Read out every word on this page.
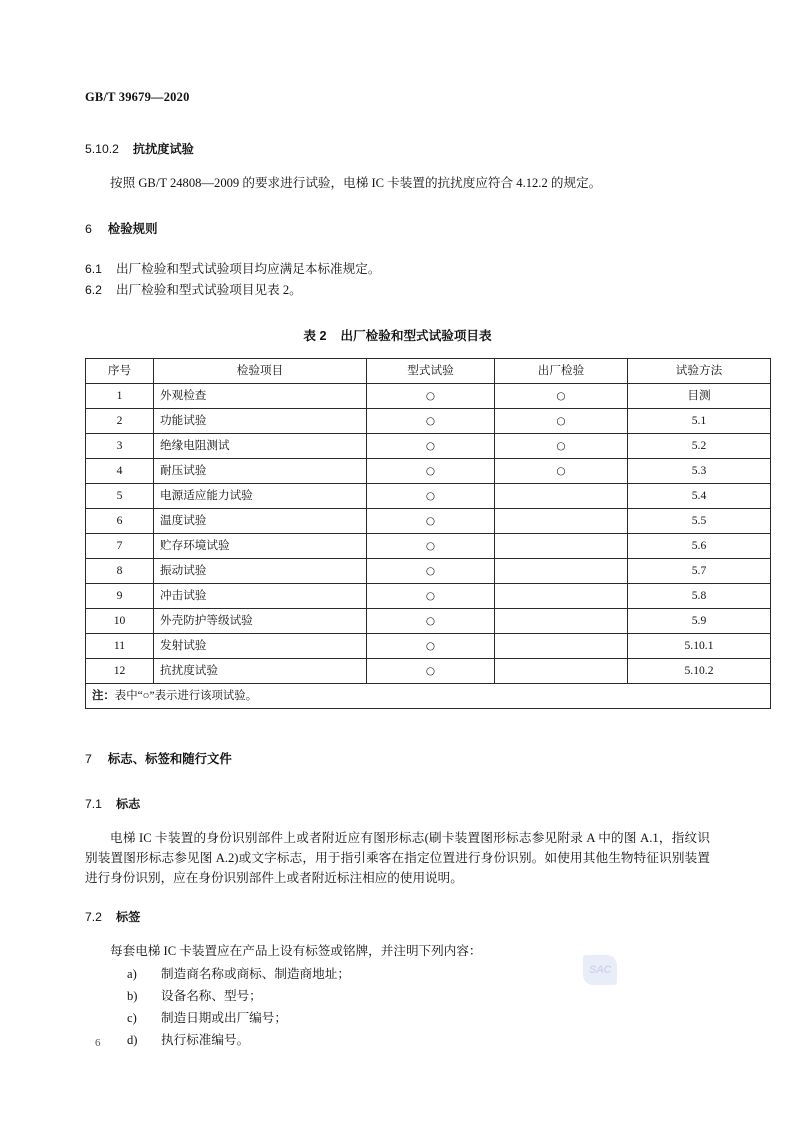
GB/T 39679—2020
5.10.2 抗扰度试验
按照 GB/T 24808—2009 的要求进行试验，电梯 IC 卡装置的抗扰度应符合 4.12.2 的规定。
6 检验规则
6.1 出厂检验和型式试验项目均应满足本标准规定。
6.2 出厂检验和型式试验项目见表 2。
表 2    出厂检验和型式试验项目表
序号	检验项目	型式试验	出厂检验	试验方法
1	外观检查	○	○	目测
2	功能试验	○	○	5.1
3	绝缘电阻测试	○	○	5.2
4	耐压试验	○	○	5.3
5	电源适应能力试验	○		5.4
6	温度试验	○		5.5
7	贮存环境试验	○		5.6
8	振动试验	○		5.7
9	冲击试验	○		5.8
10	外壳防护等级试验	○		5.9
11	发射试验	○		5.10.1
12	抗扰度试验	○		5.10.2
注：表中“○”表示进行该项试验。				
7 标志、标签和随行文件
7.1 标志
电梯 IC 卡装置的身份识别部件上或者附近应有图形标志(刷卡装置图形标志参见附录 A 中的图 A.1，指纹识别装置图形标志参见图 A.2)或文字标志，用于指引乘客在指定位置进行身份识别。如使用其他生物特征识别装置进行身份识别，应在身份识别部件上或者附近标注相应的使用说明。
7.2 标签
每套电梯 IC 卡装置应在产品上设有标签或铭牌，并注明下列内容：
a) 制造商名称或商标、制造商地址；
b) 设备名称、型号；
c) 制造日期或出厂编号；
d) 执行标准编号。
SAC
6
